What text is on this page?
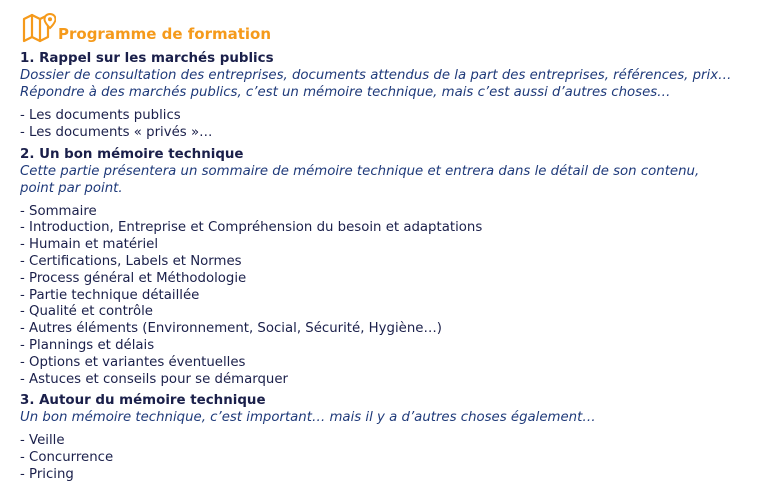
Programme de formation
1. Rappel sur les marchés publics

Dossier de consultation des entreprises, documents attendus de la part des entreprises, références, prix…

Répondre à des marchés publics, c’est un mémoire technique, mais c’est aussi d’autres choses…

- Les documents publics
- Les documents « privés »…
2. Un bon mémoire technique

Cette partie présentera un sommaire de mémoire technique et entrera dans le détail de son contenu,

point par point.

- Sommaire
- Introduction, Entreprise et Compréhension du besoin et adaptations
- Humain et matériel
- Certifications, Labels et Normes
- Process général et Méthodologie
- Partie technique détaillée
- Qualité et contrôle
- Autres éléments (Environnement, Social, Sécurité, Hygiène…)
- Plannings et délais
- Options et variantes éventuelles
- Astuces et conseils pour se démarquer
3. Autour du mémoire technique

Un bon mémoire technique, c’est important… mais il y a d’autres choses également…

- Veille
- Concurrence
- Pricing
